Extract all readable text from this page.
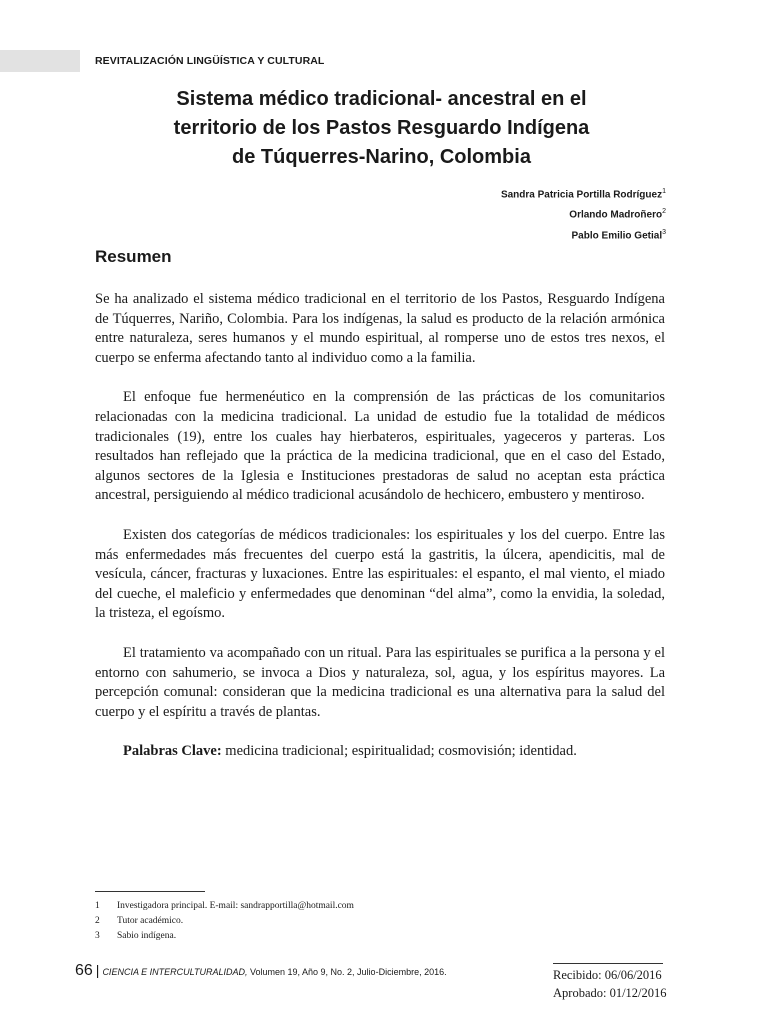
REVITALIZACIÓN LINGÜÍSTICA Y CULTURAL
Sistema médico tradicional- ancestral en el
territorio de los Pastos Resguardo Indígena
de Túquerres-Narino, Colombia
Sandra Patricia Portilla Rodríguez$^1$
Orlando Madroñero$^2$
Pablo Emilio Getial$^3$
Resumen

Se ha analizado el sistema médico tradicional en el territorio de los Pastos, Resguardo Indígena de Túquerres, Nariño, Colombia. Para los indígenas, la salud es producto de la relación armónica entre naturaleza, seres humanos y el mundo espiritual, al romperse uno de estos tres nexos, el cuerpo se enferma afectando tanto al individuo como a la familia.

El enfoque fue hermenéutico en la comprensión de las prácticas de los comunitarios relacionadas con la medicina tradicional. La unidad de estudio fue la totalidad de médicos tradicionales (19), entre los cuales hay hierbateros, espirituales, yageceros y parteras. Los resultados han reflejado que la práctica de la medicina tradicional, que en el caso del Estado, algunos sectores de la Iglesia e Instituciones prestadoras de salud no aceptan esta práctica ancestral, persiguiendo al médico tradicional acusándolo de hechicero, embustero y mentiroso.

Existen dos categorías de médicos tradicionales: los espirituales y los del cuerpo. Entre las más enfermedades más frecuentes del cuerpo está la gastritis, la úlcera, apendicitis, mal de vesícula, cáncer, fracturas y luxaciones. Entre las espirituales: el espanto, el mal viento, el miado del cueche, el maleficio y enfermedades que denominan “del alma”, como la envidia, la soledad, la tristeza, el egoísmo.

El tratamiento va acompañado con un ritual. Para las espirituales se purifica a la persona y el entorno con sahumerio, se invoca a Dios y naturaleza, sol, agua, y los espíritus mayores. La percepción comunal: consideran que la medicina tradicional es una alternativa para la salud del cuerpo y el espíritu a través de plantas.

Palabras Clave: medicina tradicional; espiritualidad; cosmovisión; identidad.

1	Investigadora principal. E-mail: sandrapportilla@hotmail.com
2	Tutor académico.
3	Sabio indígena.
66 | CIENCIA E INTERCULTURALIDAD, Volumen 19, Año 9, No. 2, Julio-Diciembre, 2016.	Recibido: 06/06/2016
Aprobado: 01/12/2016
